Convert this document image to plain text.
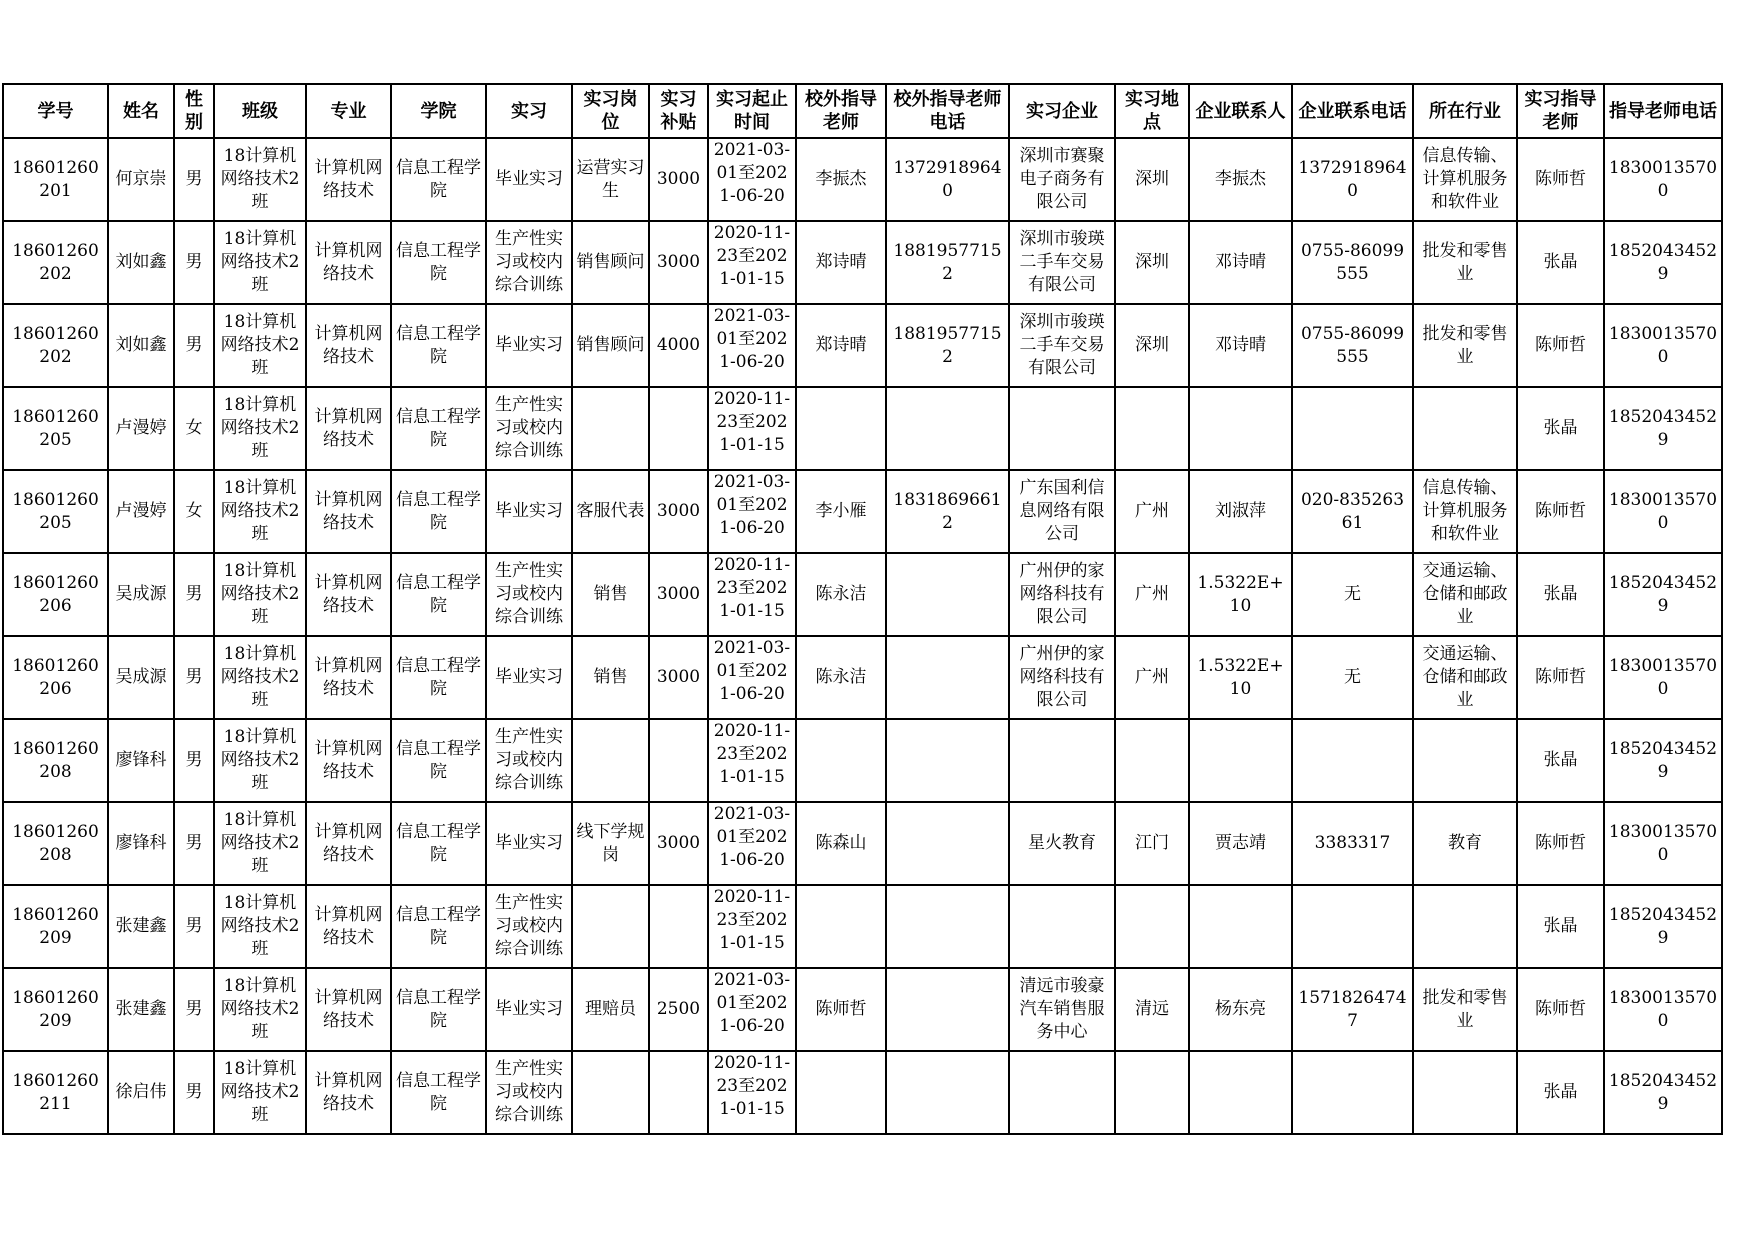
学号	姓名	性别	班级	专业	学院	实习	实习岗位	实习补贴	实习起止时间	校外指导老师	校外指导老师电话	实习企业	实习地点	企业联系人	企业联系电话	所在行业	实习指导老师	指导老师电话

18601260201	何京崇	男	18计算机网络技术2班	计算机网络技术	信息工程学院	毕业实习	运营实习生	3000	2021-03-01至2021-06-20	李振杰	13729189640	深圳市赛聚电子商务有限公司	深圳	李振杰	13729189640	信息传输、计算机服务和软件业	陈师哲	18300135700

18601260202	刘如鑫	男	18计算机网络技术2班	计算机网络技术	信息工程学院	生产性实习或校内综合训练	销售顾问	3000	2020-11-23至2021-01-15	郑诗晴	18819577152	深圳市骏瑛二手车交易有限公司	深圳	邓诗晴	0755-86099555	批发和零售业	张晶	18520434529

18601260202	刘如鑫	男	18计算机网络技术2班	计算机网络技术	信息工程学院	毕业实习	销售顾问	4000	2021-03-01至2021-06-20	郑诗晴	18819577152	深圳市骏瑛二手车交易有限公司	深圳	邓诗晴	0755-86099555	批发和零售业	陈师哲	18300135700

18601260205	卢漫婷	女	18计算机网络技术2班	计算机网络技术	信息工程学院	生产性实习或校内综合训练			2020-11-23至2021-01-15								张晶	18520434529

18601260205	卢漫婷	女	18计算机网络技术2班	计算机网络技术	信息工程学院	毕业实习	客服代表	3000	2021-03-01至2021-06-20	李小雁	18318696612	广东国利信息网络有限公司	广州	刘淑萍	020-83526361	信息传输、计算机服务和软件业	陈师哲	18300135700

18601260206	吴成源	男	18计算机网络技术2班	计算机网络技术	信息工程学院	生产性实习或校内综合训练	销售	3000	2020-11-23至2021-01-15	陈永洁		广州伊的家网络科技有限公司	广州	1.5322E+10	无	交通运输、仓储和邮政业	张晶	18520434529

18601260206	吴成源	男	18计算机网络技术2班	计算机网络技术	信息工程学院	毕业实习	销售	3000	2021-03-01至2021-06-20	陈永洁		广州伊的家网络科技有限公司	广州	1.5322E+10	无	交通运输、仓储和邮政业	陈师哲	18300135700

18601260208	廖锋科	男	18计算机网络技术2班	计算机网络技术	信息工程学院	生产性实习或校内综合训练			2020-11-23至2021-01-15								张晶	18520434529

18601260208	廖锋科	男	18计算机网络技术2班	计算机网络技术	信息工程学院	毕业实习	线下学规岗	3000	2021-03-01至2021-06-20	陈森山		星火教育	江门	贾志靖	3383317	教育	陈师哲	18300135700

18601260209	张建鑫	男	18计算机网络技术2班	计算机网络技术	信息工程学院	生产性实习或校内综合训练			2020-11-23至2021-01-15								张晶	18520434529

18601260209	张建鑫	男	18计算机网络技术2班	计算机网络技术	信息工程学院	毕业实习	理赔员	2500	2021-03-01至2021-06-20	陈师哲		清远市骏豪汽车销售服务中心	清远	杨东亮	15718264747	批发和零售业	陈师哲	18300135700

18601260211	徐启伟	男	18计算机网络技术2班	计算机网络技术	信息工程学院	生产性实习或校内综合训练			2020-11-23至2021-01-15								张晶	18520434529
